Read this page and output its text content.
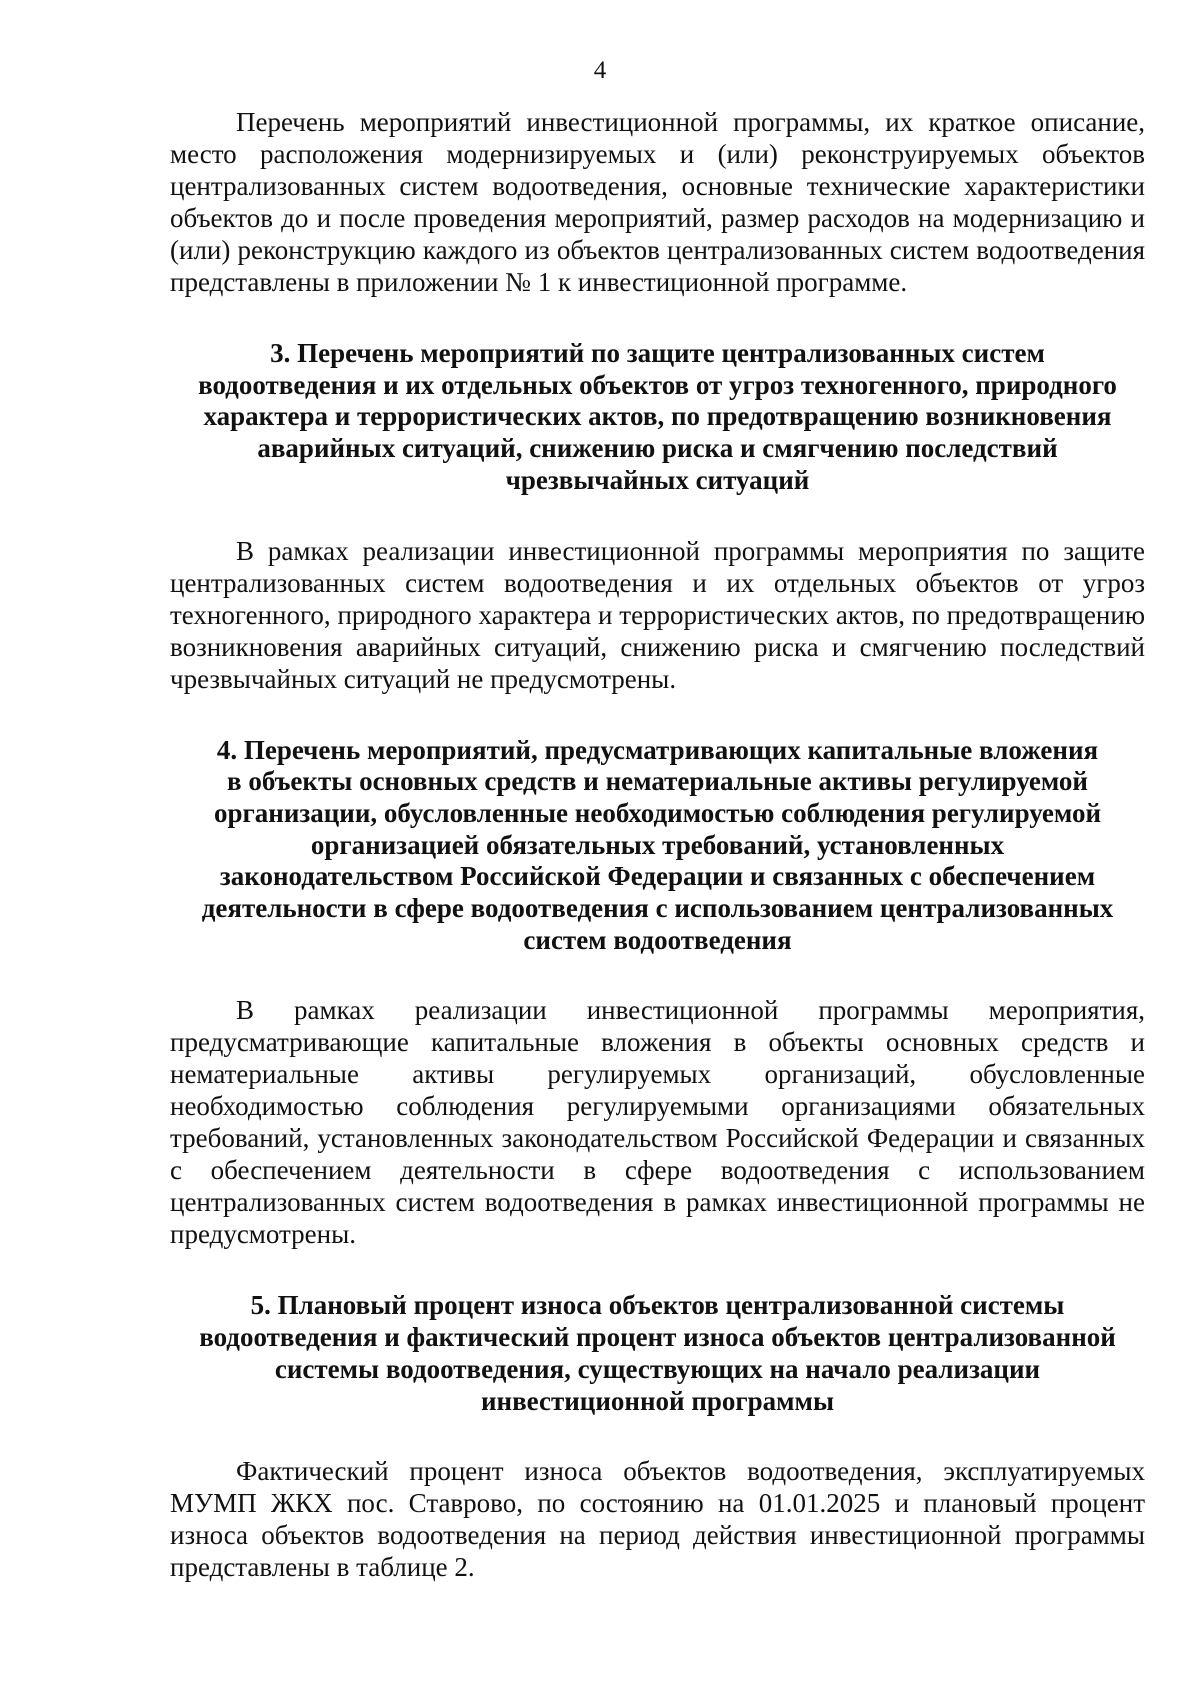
4

Перечень мероприятий инвестиционной программы, их краткое описание, место расположения модернизируемых и (или) реконструируемых объектов централизованных систем водоотведения, основные технические характеристики объектов до и после проведения мероприятий, размер расходов на модернизацию и (или) реконструкцию каждого из объектов централизованных систем водоотведения представлены в приложении № 1 к инвестиционной программе.

3. Перечень мероприятий по защите централизованных систем
водоотведения и их отдельных объектов от угроз техногенного, природного
характера и террористических актов, по предотвращению возникновения
аварийных ситуаций, снижению риска и смягчению последствий
чрезвычайных ситуаций

В рамках реализации инвестиционной программы мероприятия по защите централизованных систем водоотведения и их отдельных объектов от угроз техногенного, природного характера и террористических актов, по предотвращению возникновения аварийных ситуаций, снижению риска и смягчению последствий чрезвычайных ситуаций не предусмотрены.

4. Перечень мероприятий, предусматривающих капитальные вложения
в объекты основных средств и нематериальные активы регулируемой
организации, обусловленные необходимостью соблюдения регулируемой
организацией обязательных требований, установленных
законодательством Российской Федерации и связанных с обеспечением
деятельности в сфере водоотведения с использованием централизованных
систем водоотведения

В рамках реализации инвестиционной программы мероприятия, предусматривающие капитальные вложения в объекты основных средств и нематериальные активы регулируемых организаций, обусловленные необходимостью соблюдения регулируемыми организациями обязательных требований, установленных законодательством Российской Федерации и связанных с обеспечением деятельности в сфере водоотведения с использованием централизованных систем водоотведения в рамках инвестиционной программы не предусмотрены.

5. Плановый процент износа объектов централизованной системы
водоотведения и фактический процент износа объектов централизованной
системы водоотведения, существующих на начало реализации
инвестиционной программы

Фактический процент износа объектов водоотведения, эксплуатируемых МУМП ЖКХ пос. Ставрово, по состоянию на 01.01.2025 и плановый процент износа объектов водоотведения на период действия инвестиционной программы представлены в таблице 2.
